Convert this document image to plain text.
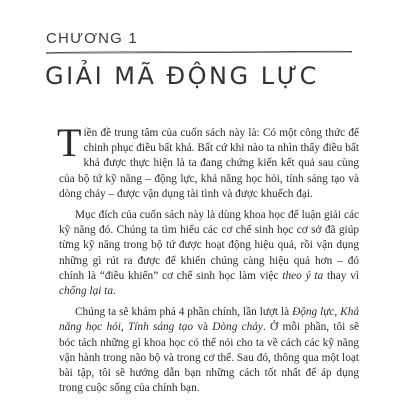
CHƯƠNG 1
GIẢI MÃ ĐỘNG LỰC

Tiền đề trung tâm của cuốn sách này là: Có một công thức để chinh phục điều bất khả. Bất cứ khi nào ta nhìn thấy điều bất khả được thực hiện là ta đang chứng kiến kết quả sau cùng của bộ tứ kỹ năng – động lực, khả năng học hỏi, tính sáng tạo và dòng chảy – được vận dụng tài tình và được khuếch đại.

Mục đích của cuốn sách này là dùng khoa học để luận giải các kỹ năng đó. Chúng ta tìm hiểu các cơ chế sinh học cơ sở đã giúp từng kỹ năng trong bộ tứ được hoạt động hiệu quả, rồi vận dụng những gì rút ra được để khiến chúng càng hiệu quả hơn – đó chính là “điều khiển” cơ chế sinh học làm việc theo ý ta thay vì chống lại ta.

Chúng ta sẽ khám phá 4 phần chính, lần lượt là Động lực, Khả năng học hỏi, Tính sáng tạo và Dòng chảy. Ở mỗi phần, tôi sẽ bóc tách những gì khoa học có thể nói cho ta về cách các kỹ năng vận hành trong não bộ và trong cơ thể. Sau đó, thông qua một loạt bài tập, tôi sẽ hướng dẫn bạn những cách tốt nhất để áp dụng trong cuộc sống của chính bạn.
